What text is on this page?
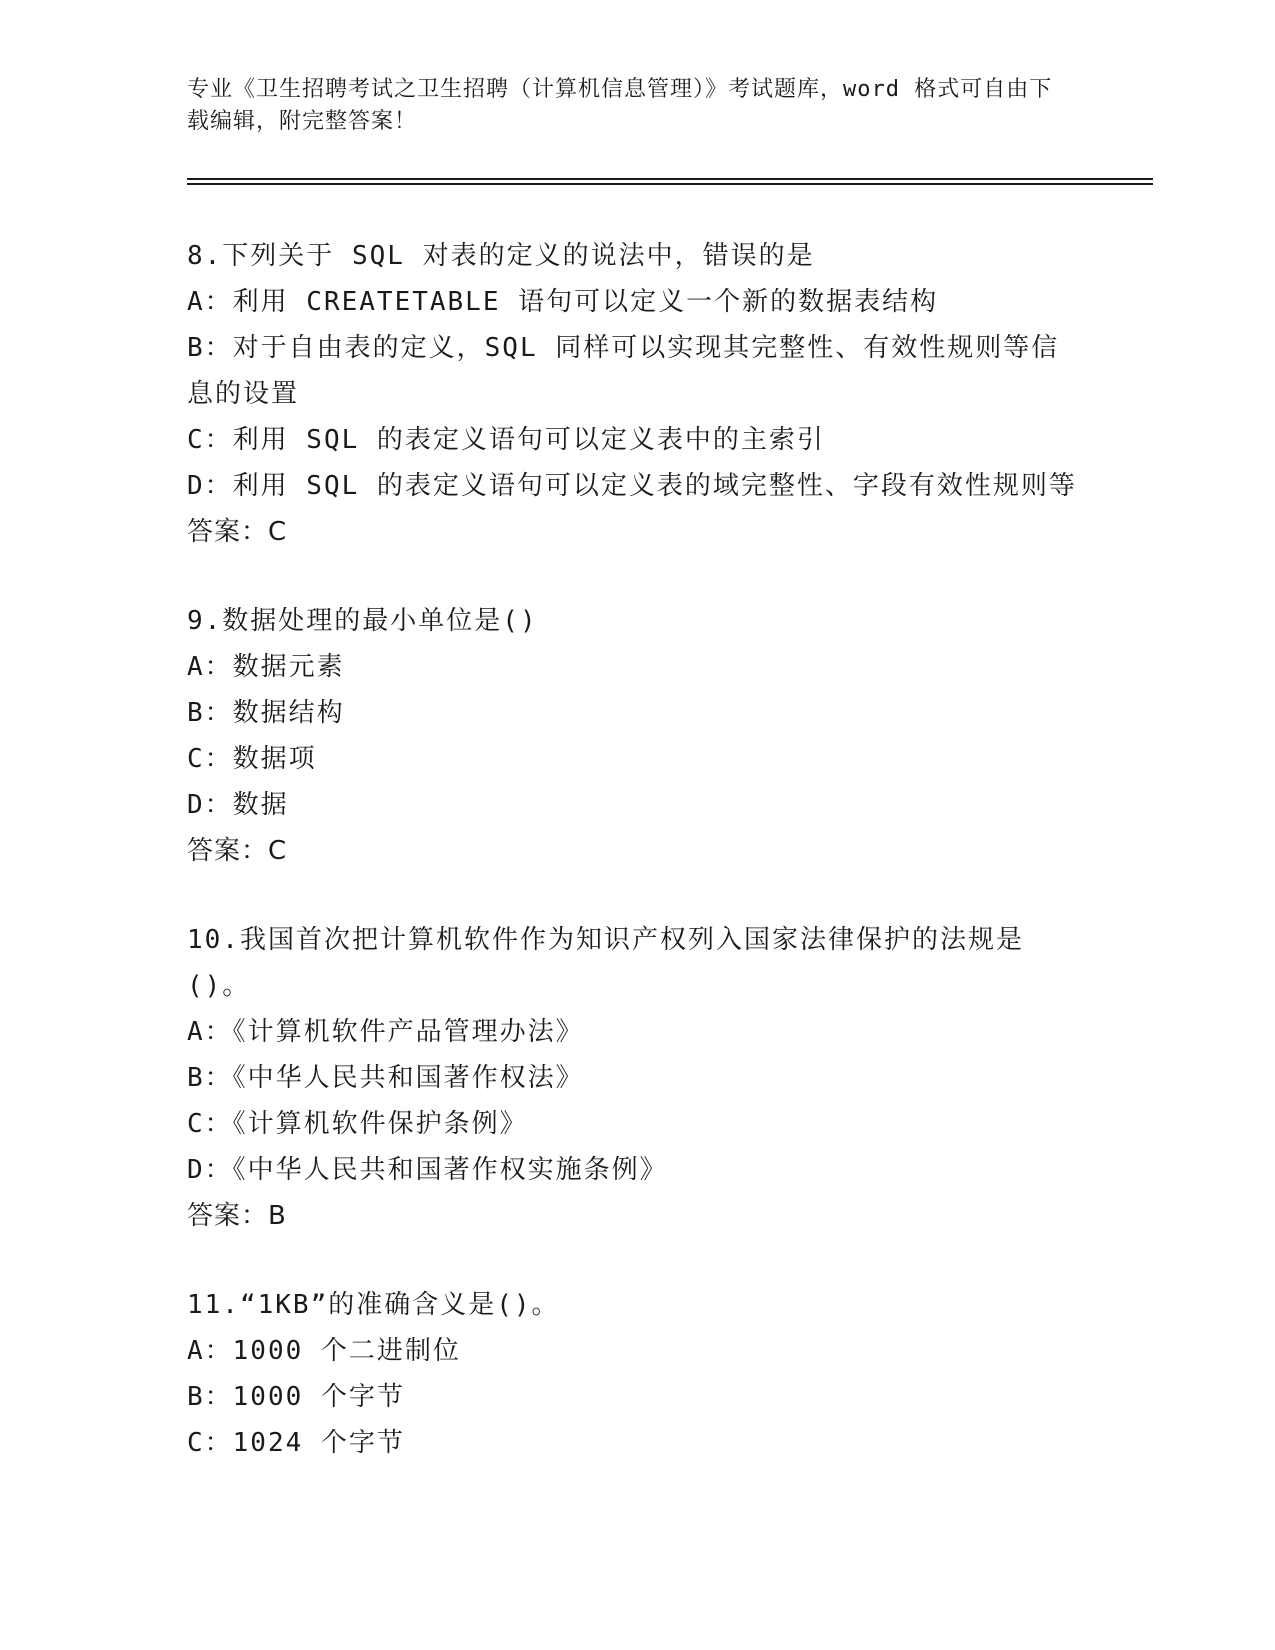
专业《卫生招聘考试之卫生招聘（计算机信息管理）》考试题库，word 格式可自由下载编辑，附完整答案！
8.下列关于 SQL 对表的定义的说法中，错误的是
A：利用 CREATETABLE 语句可以定义一个新的数据表结构
B：对于自由表的定义，SQL 同样可以实现其完整性、有效性规则等信息的设置
C：利用 SQL 的表定义语句可以定义表中的主索引
D：利用 SQL 的表定义语句可以定义表的域完整性、字段有效性规则等
答案：C
9.数据处理的最小单位是()
A：数据元素
B：数据结构
C：数据项
D：数据
答案：C
10.我国首次把计算机软件作为知识产权列入国家法律保护的法规是()。
A：《计算机软件产品管理办法》
B：《中华人民共和国著作权法》
C：《计算机软件保护条例》
D：《中华人民共和国著作权实施条例》
答案：B
11.“1KB”的准确含义是()。
A：1000 个二进制位
B：1000 个字节
C：1024 个字节
